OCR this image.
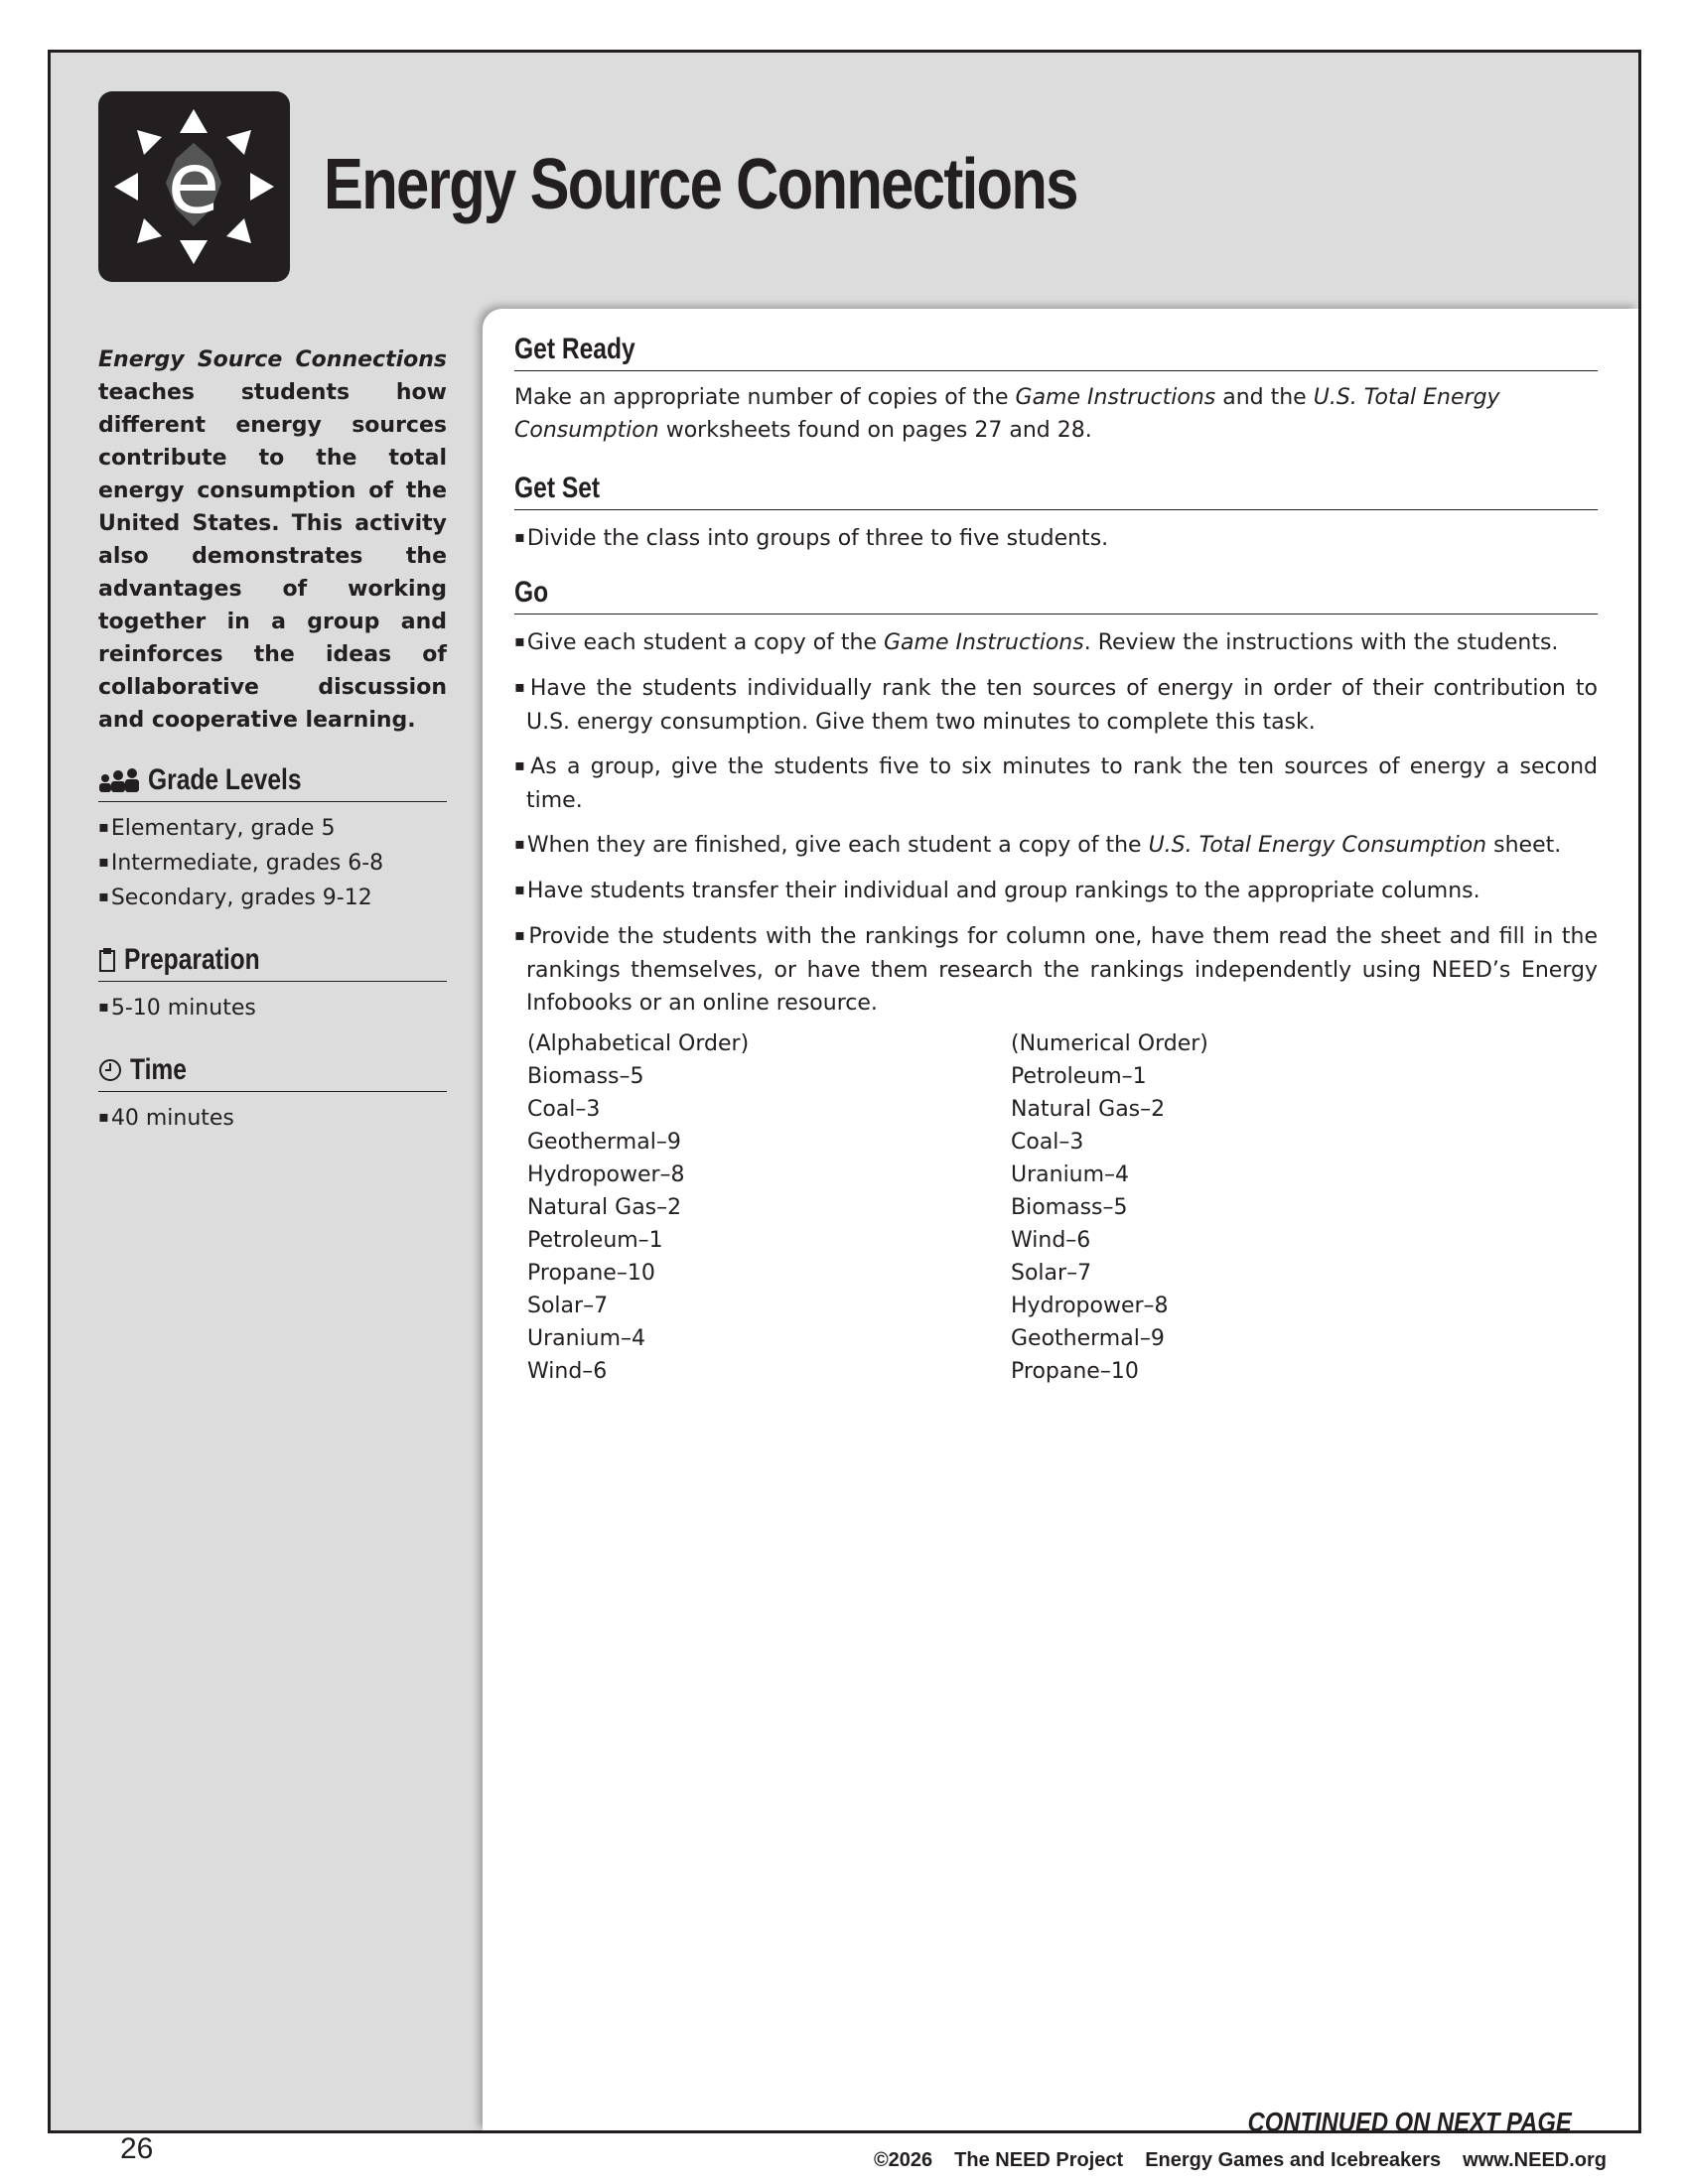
e Energy Source Connections

Energy Source Connections teaches students how different energy sources contribute to the total energy consumption of the United States. This activity also demonstrates the advantages of working together in a group and reinforces the ideas of collaborative discussion and cooperative learning.

Grade Levels
▪ Elementary, grade 5
▪ Intermediate, grades 6-8
▪ Secondary, grades 9-12
Preparation
▪ 5-10 minutes
Time
▪ 40 minutes
Get Ready

Make an appropriate number of copies of the Game Instructions and the U.S. Total Energy Consumption worksheets found on pages 27 and 28.

Get Set
▪ Divide the class into groups of three to five students.
Go
▪ Give each student a copy of the Game Instructions. Review the instructions with the students.
▪ Have the students individually rank the ten sources of energy in order of their contribution to U.S. energy consumption. Give them two minutes to complete this task.
▪ As a group, give the students five to six minutes to rank the ten sources of energy a second time.
▪ When they are finished, give each student a copy of the U.S. Total Energy Consumption sheet.
▪ Have students transfer their individual and group rankings to the appropriate columns.
▪ Provide the students with the rankings for column one, have them read the sheet and fill in the rankings themselves, or have them research the rankings independently using NEED’s Energy Infobooks or an online resource.
(Alphabetical Order)
Biomass–5
Coal–3
Geothermal–9
Hydropower–8
Natural Gas–2
Petroleum–1
Propane–10
Solar–7
Uranium–4
Wind–6
(Numerical Order)
Petroleum–1
Natural Gas–2
Coal–3
Uranium–4
Biomass–5
Wind–6
Solar–7
Hydropower–8
Geothermal–9
Propane–10
26
CONTINUED ON NEXT PAGE
©2026 The NEED Project Energy Games and Icebreakers www.NEED.org
